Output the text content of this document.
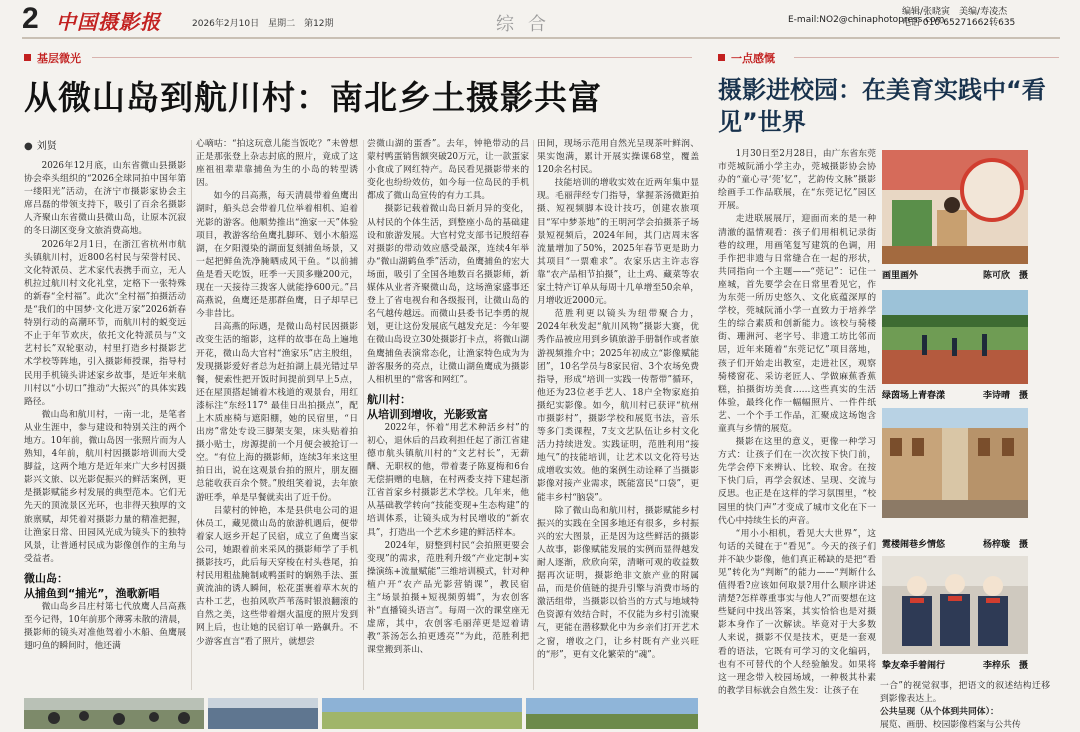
2 中国摄影报	2026年2月10日　星期二　第12期	综合
编辑/张晓寅　美编/寿凌杰
E-mail:NO2@chinaphotopress.com
电话 010-65271662转635
基层微光
从微山岛到航川村：南北乡土摄影共富
● 刘贤

2026年12月底，山东省微山县摄影协会牵头组织的“2026全球同拍中国年第一缕阳光”活动，在济宁市摄影家协会主席吕磊的带领支持下，吸引了百余名摄影人齐聚山东省微山县微山岛，让原本沉寂的冬日湖区变身文旅消费高地。

2026年2月1日，在浙江省杭州市航头镇航川村，近800名村民与荣誉村民、文化特派员、艺术家代表携手而立，无人机拉过航川村文化礼堂，定格下一张特殊的新春“全村福”。此次“全村福”拍摄活动是“我们的中国梦·文化进万家”2026新春特别行动的高潮环节，而航川村的蜕变远不止于年节欢庆，依托文化特派员与“文艺村长”双轮驱动，村里打造乡村摄影艺术学校等阵地，引入摄影师授课，指导村民用手机镜头讲述家乡故事，是近年来航川村以“小切口”推动“大振兴”的具体实践路径。

微山岛和航川村，一南一北，是笔者从业生涯中，参与建设和特别关注的两个地方。10年前，微山岛因一张照片而为人熟知，4年前，航川村因摄影培训而大受脚益，这两个地方是近年来广大乡村因摄影兴文旅、以光影促振兴的鲜活案例，更是摄影赋能乡村发展的典型范本。它们无先天的顶流景区光环，也非得天独厚的文旅禀赋，却凭着对摄影力量的精准把握，让渔家日常、田园风光成为镜头下的独特风景，让普通村民成为影像创作的主角与受益者。

微山岛：
从捕鱼到“捕光”，渔歌新唱

微山岛乡吕庄村第七代放鹰人吕高燕至今记得，10年前那个薄雾未散的清晨，摄影师的镜头对准他驾着小木船、鱼鹰展翅叼鱼的瞬间时，他还满

心嘀咕：“拍这玩意儿能当饭吃？”未曾想正是那张登上杂志封底的照片，竟成了这座祖祖辈辈靠捕鱼为生的小岛的转型诱因。

如今的吕高燕，每天清晨带着鱼鹰出湖时，船头总会带着几位举着相机、追着光影的游客。他顺势推出“渔家一天”体验项目，教游客给鱼鹰扎脚环、划小木船巡湖，在夕阳漫染的湖面复刻捕鱼场景，又一起把鲜鱼洗净腌晒成风干鱼。“以前捕鱼是看天吃饭，旺季一天顶多赚200元，现在一天接待三拨客人就能挣600元。”吕高燕说，鱼鹰还是那群鱼鹰，日子却早已今非昔比。

吕高燕的际遇，是微山岛村民因摄影改变生活的缩影，这样的故事在岛上遍地开花，微山岛大官村“渔家乐”店主殷组，发现摄影爱好者总为赶拍湖上晨光错过早餐，便索性把开饭时间提前到早上5点，还在屋顶搭起铺着木栈道的观景台，用红漆标注“东经117° 最佳日出拍摄点”，配上木质座椅与遮阳棚，她的民宿里，“日出房”常处专设三脚架支架，床头贴着拍摄小贴士，房源提前一个月便会被抢订一空。“有位上海的摄影师，连续3年来这里拍日出，说在这观景台拍的照片，朋友圈总能收获百余个赞。”殷组笑着说，去年旅游旺季，单是早餐就卖出了近千份。

吕蒙村的钟艳，本是县供电公司的退休员工，藏见微山岛的旅游机遇后，便带着家人返乡开起了民宿，成立了鱼鹰当家公司，她跟着前来采风的摄影师学了手机摄影技巧，此后每天穿梭在村头巷尾，拍村民用粗盐腌制咸鸭蛋时的娴熟手法、蛋黄流油的诱人瞬间，松花蛋裹着草木灰的古朴工艺，也拍风吹芦苇荡时银浪翻滚的自然之美，这些带着烟火温度的照片发到网上后，也让她的民宿订单一路飙升。不少游客直言“看了照片，就想尝

尝微山湖的蛋香”。去年，钟艳带动的吕蒙村鸭蛋销售额突破20万元，让一款蛋家小食成了网红特产。岛民看见摄影带来的变化也纷纷效仿，如今每一位岛民的手机都成了微山岛宣传的有力工具。

摄影记载着微山岛日新月异的变化，从村民的个体生活，到整座小岛的基础建设和旅游发展。大官村党支部书记殷绍春对摄影的带动效应感受最深，连续4年举办“微山湖鹤鱼季”活动，鱼鹰捕鱼的宏大场面，吸引了全国各地数百名摄影师，新媒体从业者齐聚微山岛，这场渔家盛事还登上了省电视台和各级报刊，让微山岛的名气越传越远。而微山县委书记李勇的规划，更让这份发展底气越发充足：今年要在微山岛设立30处摄影打卡点，将微山湖鱼鹰捕鱼表演常态化，让渔家特色成为为游客服务的亮点，让微山湖鱼鹰成为摄影人相机里的“常客和网红”。

航川村：
从培训到增收，光影致富

2022年，怀着“用艺术种活乡村”的初心，退休后的吕政利担任起了浙江省建德市航头镇航川村的“文艺村长”，无薪酬、无职权的他，带着妻子陈夏梅和6台无偿捐赠的电脑，在村两委支持下建起浙江省首家乡村摄影艺术学校。几年来，他从基础教学转向“技能变现+生态构建”的培训体系，让镜头成为村民增收的“新农具”，打造出一个艺术乡建的鲜活样本。

2024年，厨整到村民“会拍照更要会变现”的需求，范胜利升级“产业定制+实操演练+流量赋能”三维培训模式，针对种植户开“农产品光影营销课”，教民宿主“场景拍摄+短视频剪辑”，为农创客补“直播镜头语言”。每周一次的课堂座无虚席，其中，农创客毛丽萍更是逗着请教“茶汤怎么拍更透亮”“为此，范胜利把课堂搬到茶山、

田间，现场示范用自然光呈现茶叶鲜润、果实饱满，累计开展实操课68堂，覆盖120余名村民。

技能培训的增收实效在近两年集中显现。毛丽萍经专门指导，掌握茶汤微距拍摄、短视频脚本设计技巧，创建农旅项目“军中梦茶地”的王明河学会拍摄茶子场景短视频后，2024年间，其门店周末客流量增加了50%，2025年春节更是助力其项目“一票难求”。农家乐店主许志容靠“农产品相节拍摄”，让土鸡、藏菜等农家土特产订单从每周十几单增至50余单，月增收近2000元。

范胜利更以镜头为纽带聚合力，2024年秋发起“航川风物”摄影大赛，优秀作品被应用到乡镇旅游手册制作或者旅游视频推介中；2025年初成立“影像赋能团”，10名学员与8家民宿、3个农场免费指导，形成“培训一实践一传帮带”循环，他还为23位老手艺人、18户全物家庭拍摄纪实影像。如今，航川村已获评“杭州市摄影村”，摄影学校和展览书法，音乐等多门类课程，7支文艺队伍让乡村文化活力持续迸发。实践证明，范胜利用“接地气”的技能培训，让艺术以文化符号达成增收实效。他的案例生动诠释了当摄影影像对接产业需求，既能富民“口袋”，更能丰乡村“脑袋”。

除了微山岛和航川村，摄影赋能乡村振兴的实践在全国多地还有很多，乡村振兴的宏大图景，正是因为这些鲜活的摄影人故事，影像赋能发展的实例而显得越发耐人逐渐，欣欣向荣，清晰可观的收益数据再次证明，摄影绝非文旅产业的附属品，而是价值链的提升引擎与消费市场的激活组带，当摄影以恰当的方式与地域特色资源有效结合时，不仅能为乡村引流聚气，更能在潜移默化中为乡亲们打开艺术之窗，增收之门，让乡村既有产业兴旺的“形”，更有文化繁荣的“魂”。

一点感慨
摄影进校园：在美育实践中“看见”世界

1月30日至2月28日，由广东省东莞市莞城阮涌小学主办，莞城摄影协会协办的“童心寻‘莞’忆”，艺韵传文脉”摄影绘画手工作品联展，在“东莞记忆”园区开展。

走进联展展厅，迎面而来的是一种清澈的温情观看：孩子们用相机记录街巷的纹理，用画笔复写建筑的色调，用手作把非遗与日常缝合在一起的形状，共同指向一个主题——“莞记”：记住一座城，首先要学会在日常里看见它，作为东莞一所历史悠久、文化底蕴深厚的学校，莞城阮涌小学一直致力于培养学生的综合素质和创新能力。该校与骑楼街、珊洲河、老字号、非遗工坊比邻而居，近年来随着“东莞记忆”项目落地，孩子们开始走出教室，走进社区，观察骑楼窗花、采访老匠人、学做麻蕉香蕉糕，拍摄街坊美食……这些真实的生活体验，最终化作一幅幅照片、一件件纸艺、一个个手工作品，汇聚成这场饱含童真与乡情的展览。

摄影在这里的意义，更像一种学习方式：让孩子们在一次次按下快门前，先学会停下来辨认、比较、取舍。在按下快门后，再学会叙述、呈现、交流与反思。也正是在这样的学习氛围里，“校园里的快门声”才变成了城市文化在下一代心中持续生长的声音。

“用小小相机，看见大大世界”，这句话的关键在于“看见”。今天的孩子们并不缺少影像，他们真正稀缺的是把“看见”转化为“判断”的能力——“判断什么值得看?应该如何取景?用什么顺序讲述清楚?怎样尊重事实与他人?”而要想在这些疑问中找出答案，其实恰恰也是对摄影本身作了一次解读。毕竟对于大多数人来说，摄影不仅是技术，更是一套观看的语法，它既有可学习的文化编码，也有不可替代的个人经验触发。如果将这一理念带入校园场域，一种极其朴素的教学目标就会自然生发：让孩子在

画里画外	陈可欣　摄
绿茵场上青春漾	李诗晴　摄
霓楼闹巷乡情悠	杨梓璇　摄
挚友牵手着闹行	李梓乐　摄
一合”的视觉叙事，把语文的叙述结构迁移到影像表达上。
公共呈现（从个体到共同体）：
展览、画册、校园影像档案与公共传
